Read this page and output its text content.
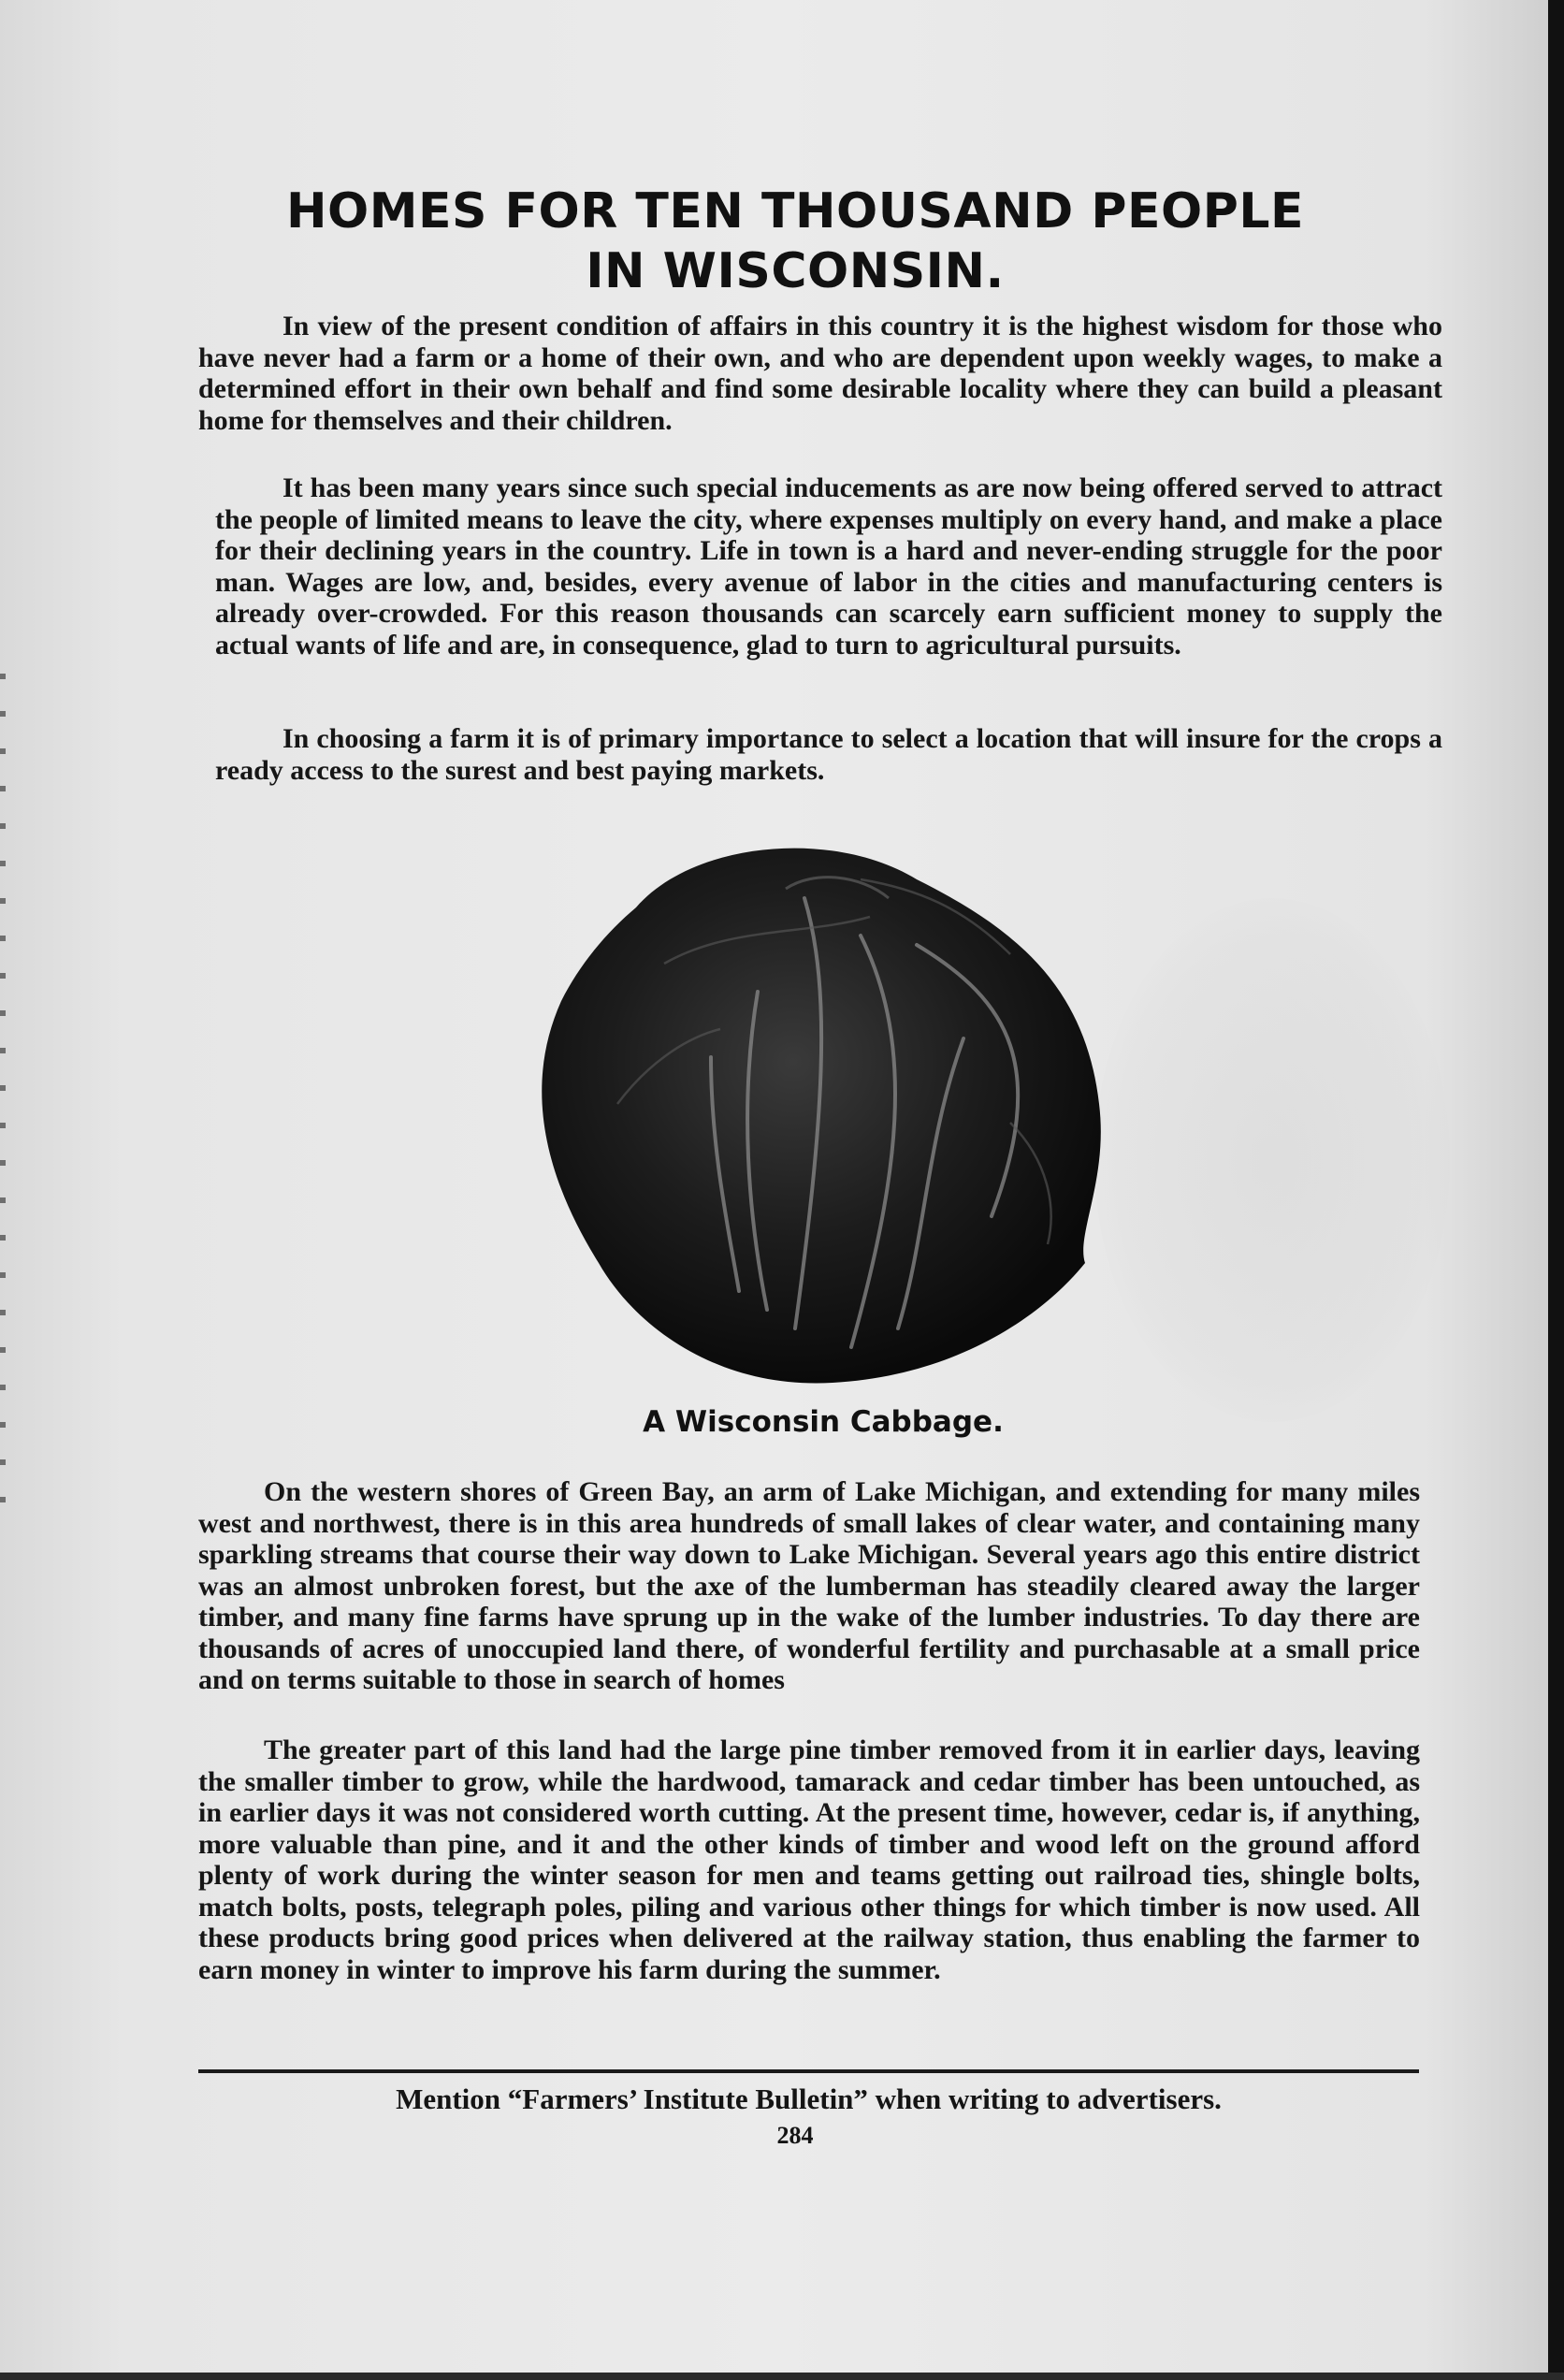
HOMES FOR TEN THOUSAND PEOPLE
IN WISCONSIN.

In view of the present condition of affairs in this country it is the highest wisdom for those who have never had a farm or a home of their own, and who are dependent upon weekly wages, to make a determined effort in their own behalf and find some desirable locality where they can build a pleasant home for themselves and their children.

It has been many years since such special inducements as are now being offered served to attract the people of limited means to leave the city, where expenses multiply on every hand, and make a place for their declining years in the country. Life in town is a hard and never-ending struggle for the poor man. Wages are low, and, besides, every avenue of labor in the cities and manufacturing centers is already over-crowded. For this reason thousands can scarcely earn sufficient money to supply the actual wants of life and are, in consequence, glad to turn to agricultural pursuits.

In choosing a farm it is of primary importance to select a location that will insure for the crops a ready access to the surest and best paying markets.

A Wisconsin Cabbage.

On the western shores of Green Bay, an arm of Lake Michigan, and extending for many miles west and northwest, there is in this area hundreds of small lakes of clear water, and containing many sparkling streams that course their way down to Lake Michigan. Several years ago this entire district was an almost unbroken forest, but the axe of the lumberman has steadily cleared away the larger timber, and many fine farms have sprung up in the wake of the lumber industries. To day there are thousands of acres of unoccupied land there, of wonderful fertility and purchasable at a small price and on terms suitable to those in search of homes

The greater part of this land had the large pine timber removed from it in earlier days, leaving the smaller timber to grow, while the hardwood, tamarack and cedar timber has been untouched, as in earlier days it was not considered worth cutting. At the present time, however, cedar is, if anything, more valuable than pine, and it and the other kinds of timber and wood left on the ground afford plenty of work during the winter season for men and teams getting out railroad ties, shingle bolts, match bolts, posts, telegraph poles, piling and various other things for which timber is now used. All these products bring good prices when delivered at the railway station, thus enabling the farmer to earn money in winter to improve his farm during the summer.

Mention “Farmers’ Institute Bulletin” when writing to advertisers.
284
